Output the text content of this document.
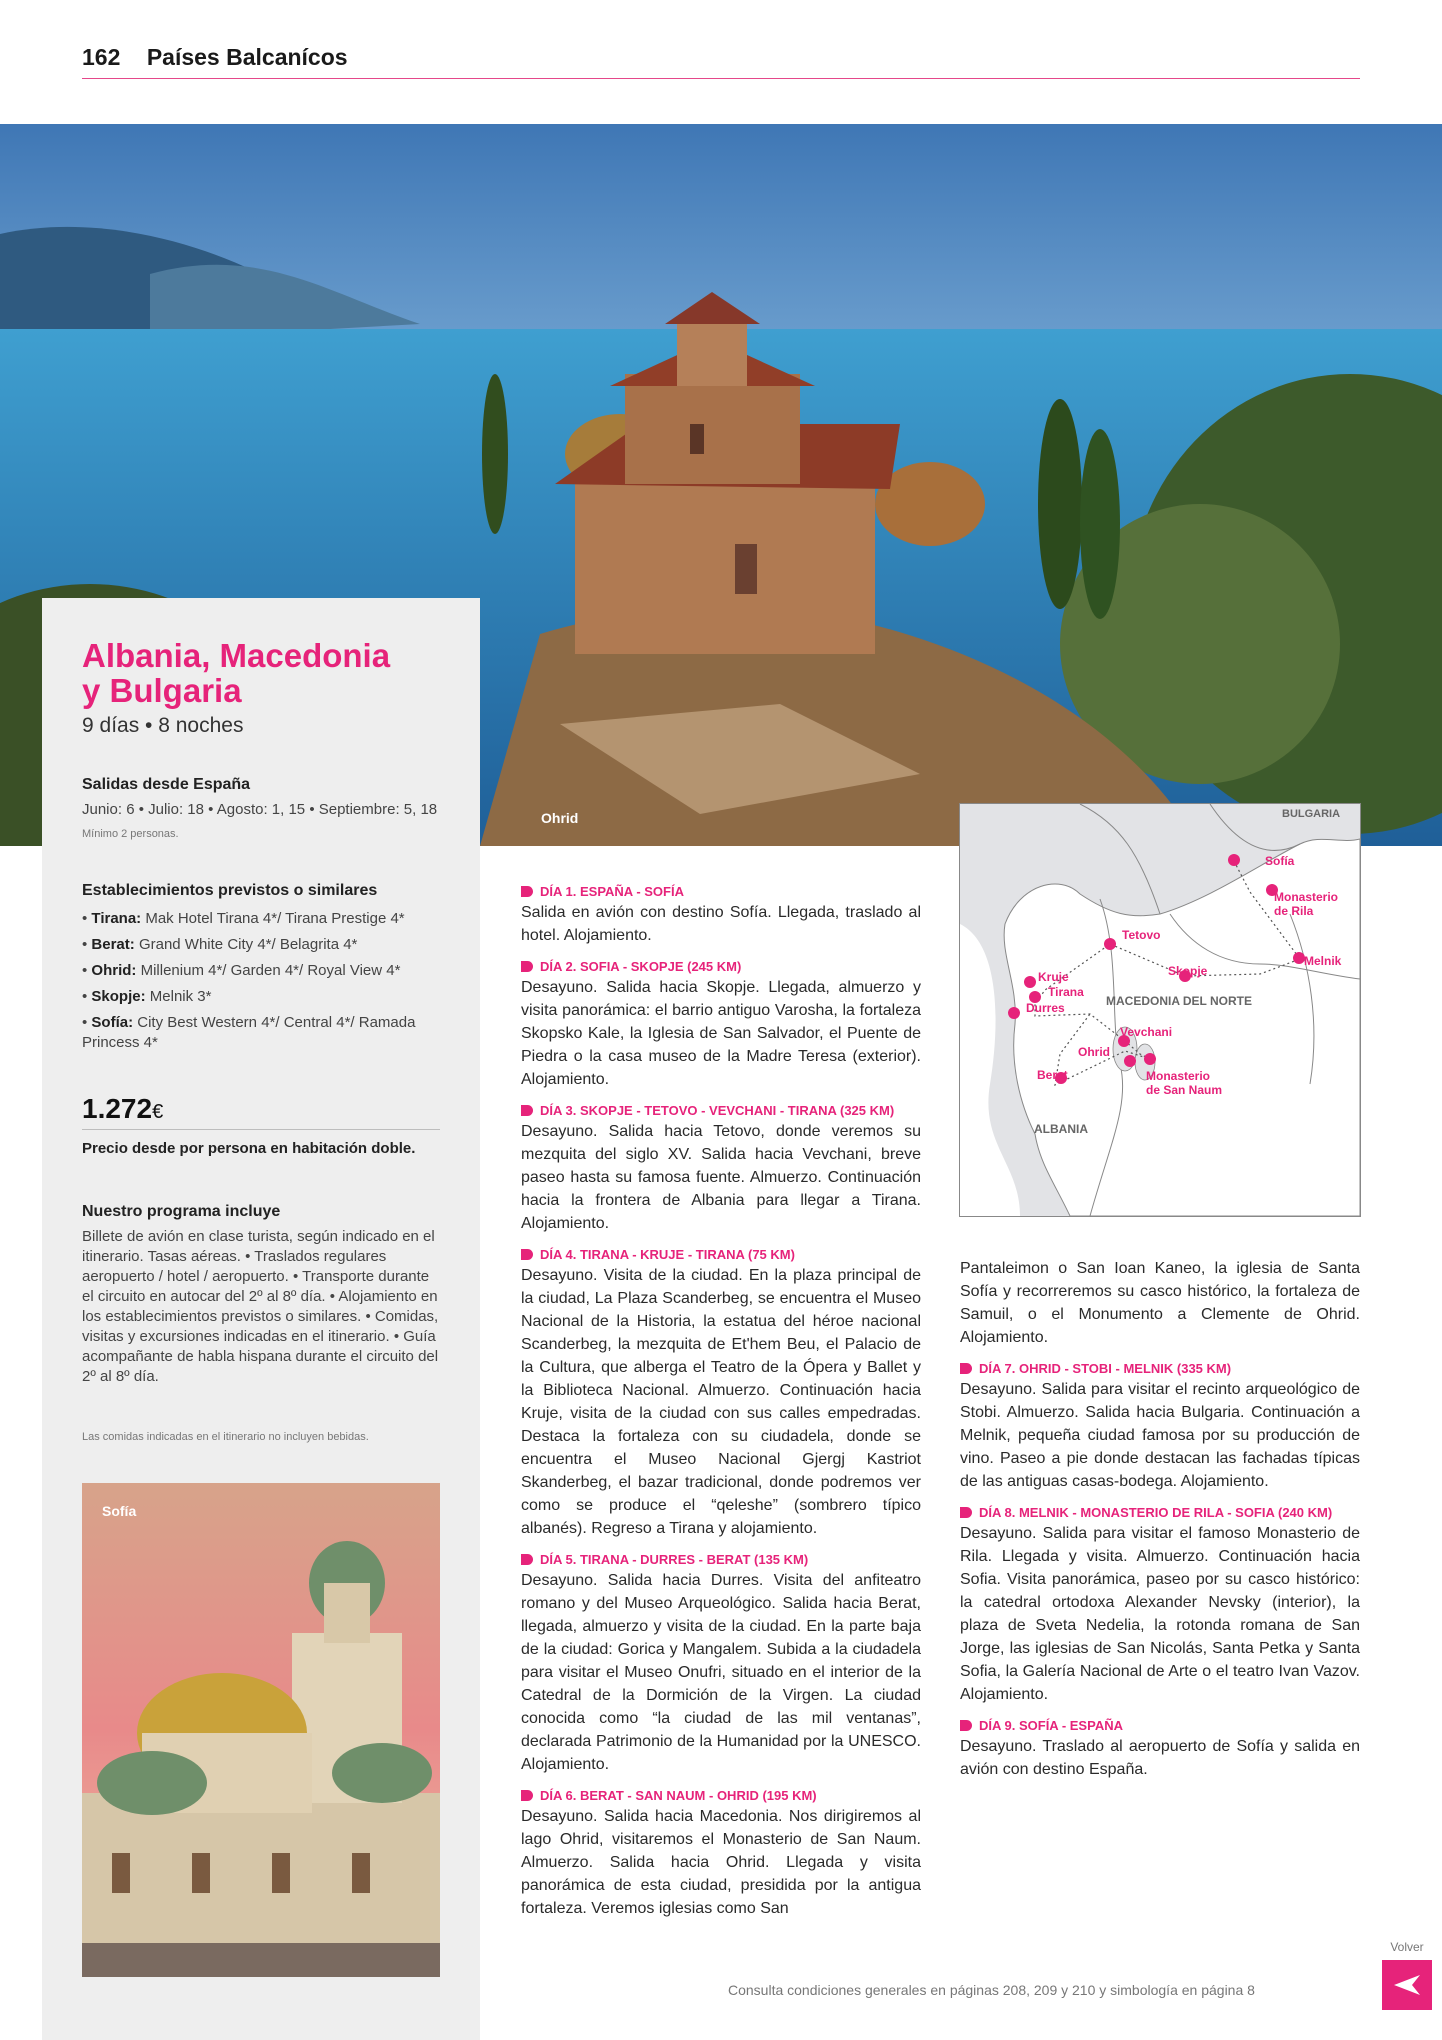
162 Países Balcanícos
Ohrid
Albania, Macedonia
y Bulgaria
9 días • 8 noches
Salidas desde España
Junio: 6 • Julio: 18 • Agosto: 1, 15 • Septiembre: 5, 18
Mínimo 2 personas.
Establecimientos previstos o similares
• Tirana: Mak Hotel Tirana 4*/ Tirana Prestige 4*
• Berat: Grand White City 4*/ Belagrita 4*
• Ohrid: Millenium 4*/ Garden 4*/ Royal View 4*
• Skopje: Melnik 3*
• Sofía: City Best Western 4*/ Central 4*/ Ramada Princess 4*
1.272€
Precio desde por persona en habitación doble.
Nuestro programa incluye
Billete de avión en clase turista, según indicado en el itinerario. Tasas aéreas. • Traslados regulares aeropuerto / hotel / aeropuerto. • Transporte durante el circuito en autocar del 2º al 8º día. • Alojamiento en los establecimientos previstos o similares. • Comidas, visitas y excursiones indicadas en el itinerario. • Guía acompañante de habla hispana durante el circuito del 2º al 8º día.
Las comidas indicadas en el itinerario no incluyen bebidas.
Sofía
DÍA 1. ESPAÑA - SOFÍA
Salida en avión con destino Sofía. Llegada, traslado al hotel. Alojamiento.
DÍA 2. SOFIA - SKOPJE (245 KM)
Desayuno. Salida hacia Skopje. Llegada, almuerzo y visita panorámica: el barrio antiguo Varosha, la fortaleza Skopsko Kale, la Iglesia de San Salvador, el Puente de Piedra o la casa museo de la Madre Teresa (exterior). Alojamiento.
DÍA 3. SKOPJE - TETOVO - VEVCHANI - TIRANA (325 KM)
Desayuno. Salida hacia Tetovo, donde veremos su mezquita del siglo XV. Salida hacia Vevchani, breve paseo hasta su famosa fuente. Almuerzo. Continuación hacia la frontera de Albania para llegar a Tirana. Alojamiento.
DÍA 4. TIRANA - KRUJE - TIRANA (75 KM)
Desayuno. Visita de la ciudad. En la plaza principal de la ciudad, La Plaza Scanderbeg, se encuentra el Museo Nacional de la Historia, la estatua del héroe nacional Scanderbeg, la mezquita de Et'hem Beu, el Palacio de la Cultura, que alberga el Teatro de la Ópera y Ballet y la Biblioteca Nacional. Almuerzo. Continuación hacia Kruje, visita de la ciudad con sus calles empedradas. Destaca la fortaleza con su ciudadela, donde se encuentra el Museo Nacional Gjergj Kastriot Skanderbeg, el bazar tradicional, donde podremos ver como se produce el “qeleshe” (sombrero típico albanés). Regreso a Tirana y alojamiento.
DÍA 5. TIRANA - DURRES - BERAT (135 KM)
Desayuno. Salida hacia Durres. Visita del anfiteatro romano y del Museo Arqueológico. Salida hacia Berat, llegada, almuerzo y visita de la ciudad. En la parte baja de la ciudad: Gorica y Mangalem. Subida a la ciudadela para visitar el Museo Onufri, situado en el interior de la Catedral de la Dormición de la Virgen. La ciudad conocida como “la ciudad de las mil ventanas”, declarada Patrimonio de la Humanidad por la UNESCO. Alojamiento.
DÍA 6. BERAT - SAN NAUM - OHRID (195 KM)
Desayuno. Salida hacia Macedonia. Nos dirigiremos al lago Ohrid, visitaremos el Monasterio de San Naum. Almuerzo. Salida hacia Ohrid. Llegada y visita panorámica de esta ciudad, presidida por la antigua fortaleza. Veremos iglesias como San
BULGARIA
MACEDONIA DEL NORTE
ALBANIA
Sofía
Monasterio
de Rila
Melnik
Tetovo
Skopje
Kruje
Tirana
Durres
Vevchani
Ohrid
Berat	Monasterio
de San Naum
Pantaleimon o San Ioan Kaneo, la iglesia de Santa Sofía y recorreremos su casco histórico, la fortaleza de Samuil, o el Monumento a Clemente de Ohrid. Alojamiento.
DÍA 7. OHRID - STOBI - MELNIK (335 KM)
Desayuno. Salida para visitar el recinto arqueológico de Stobi. Almuerzo. Salida hacia Bulgaria. Continuación a Melnik, pequeña ciudad famosa por su producción de vino. Paseo a pie donde destacan las fachadas típicas de las antiguas casas-bodega. Alojamiento.
DÍA 8. MELNIK - MONASTERIO DE RILA - SOFIA (240 KM)
Desayuno. Salida para visitar el famoso Monasterio de Rila. Llegada y visita. Almuerzo. Continuación hacia Sofia. Visita panorámica, paseo por su casco histórico: la catedral ortodoxa Alexander Nevsky (interior), la plaza de Sveta Nedelia, la rotonda romana de San Jorge, las iglesias de San Nicolás, Santa Petka y Santa Sofia, la Galería Nacional de Arte o el teatro Ivan Vazov. Alojamiento.
DÍA 9. SOFÍA - ESPAÑA
Desayuno. Traslado al aeropuerto de Sofía y salida en avión con destino España.
Consulta condiciones generales en páginas 208, 209 y 210 y simbología en página 8
Volver
